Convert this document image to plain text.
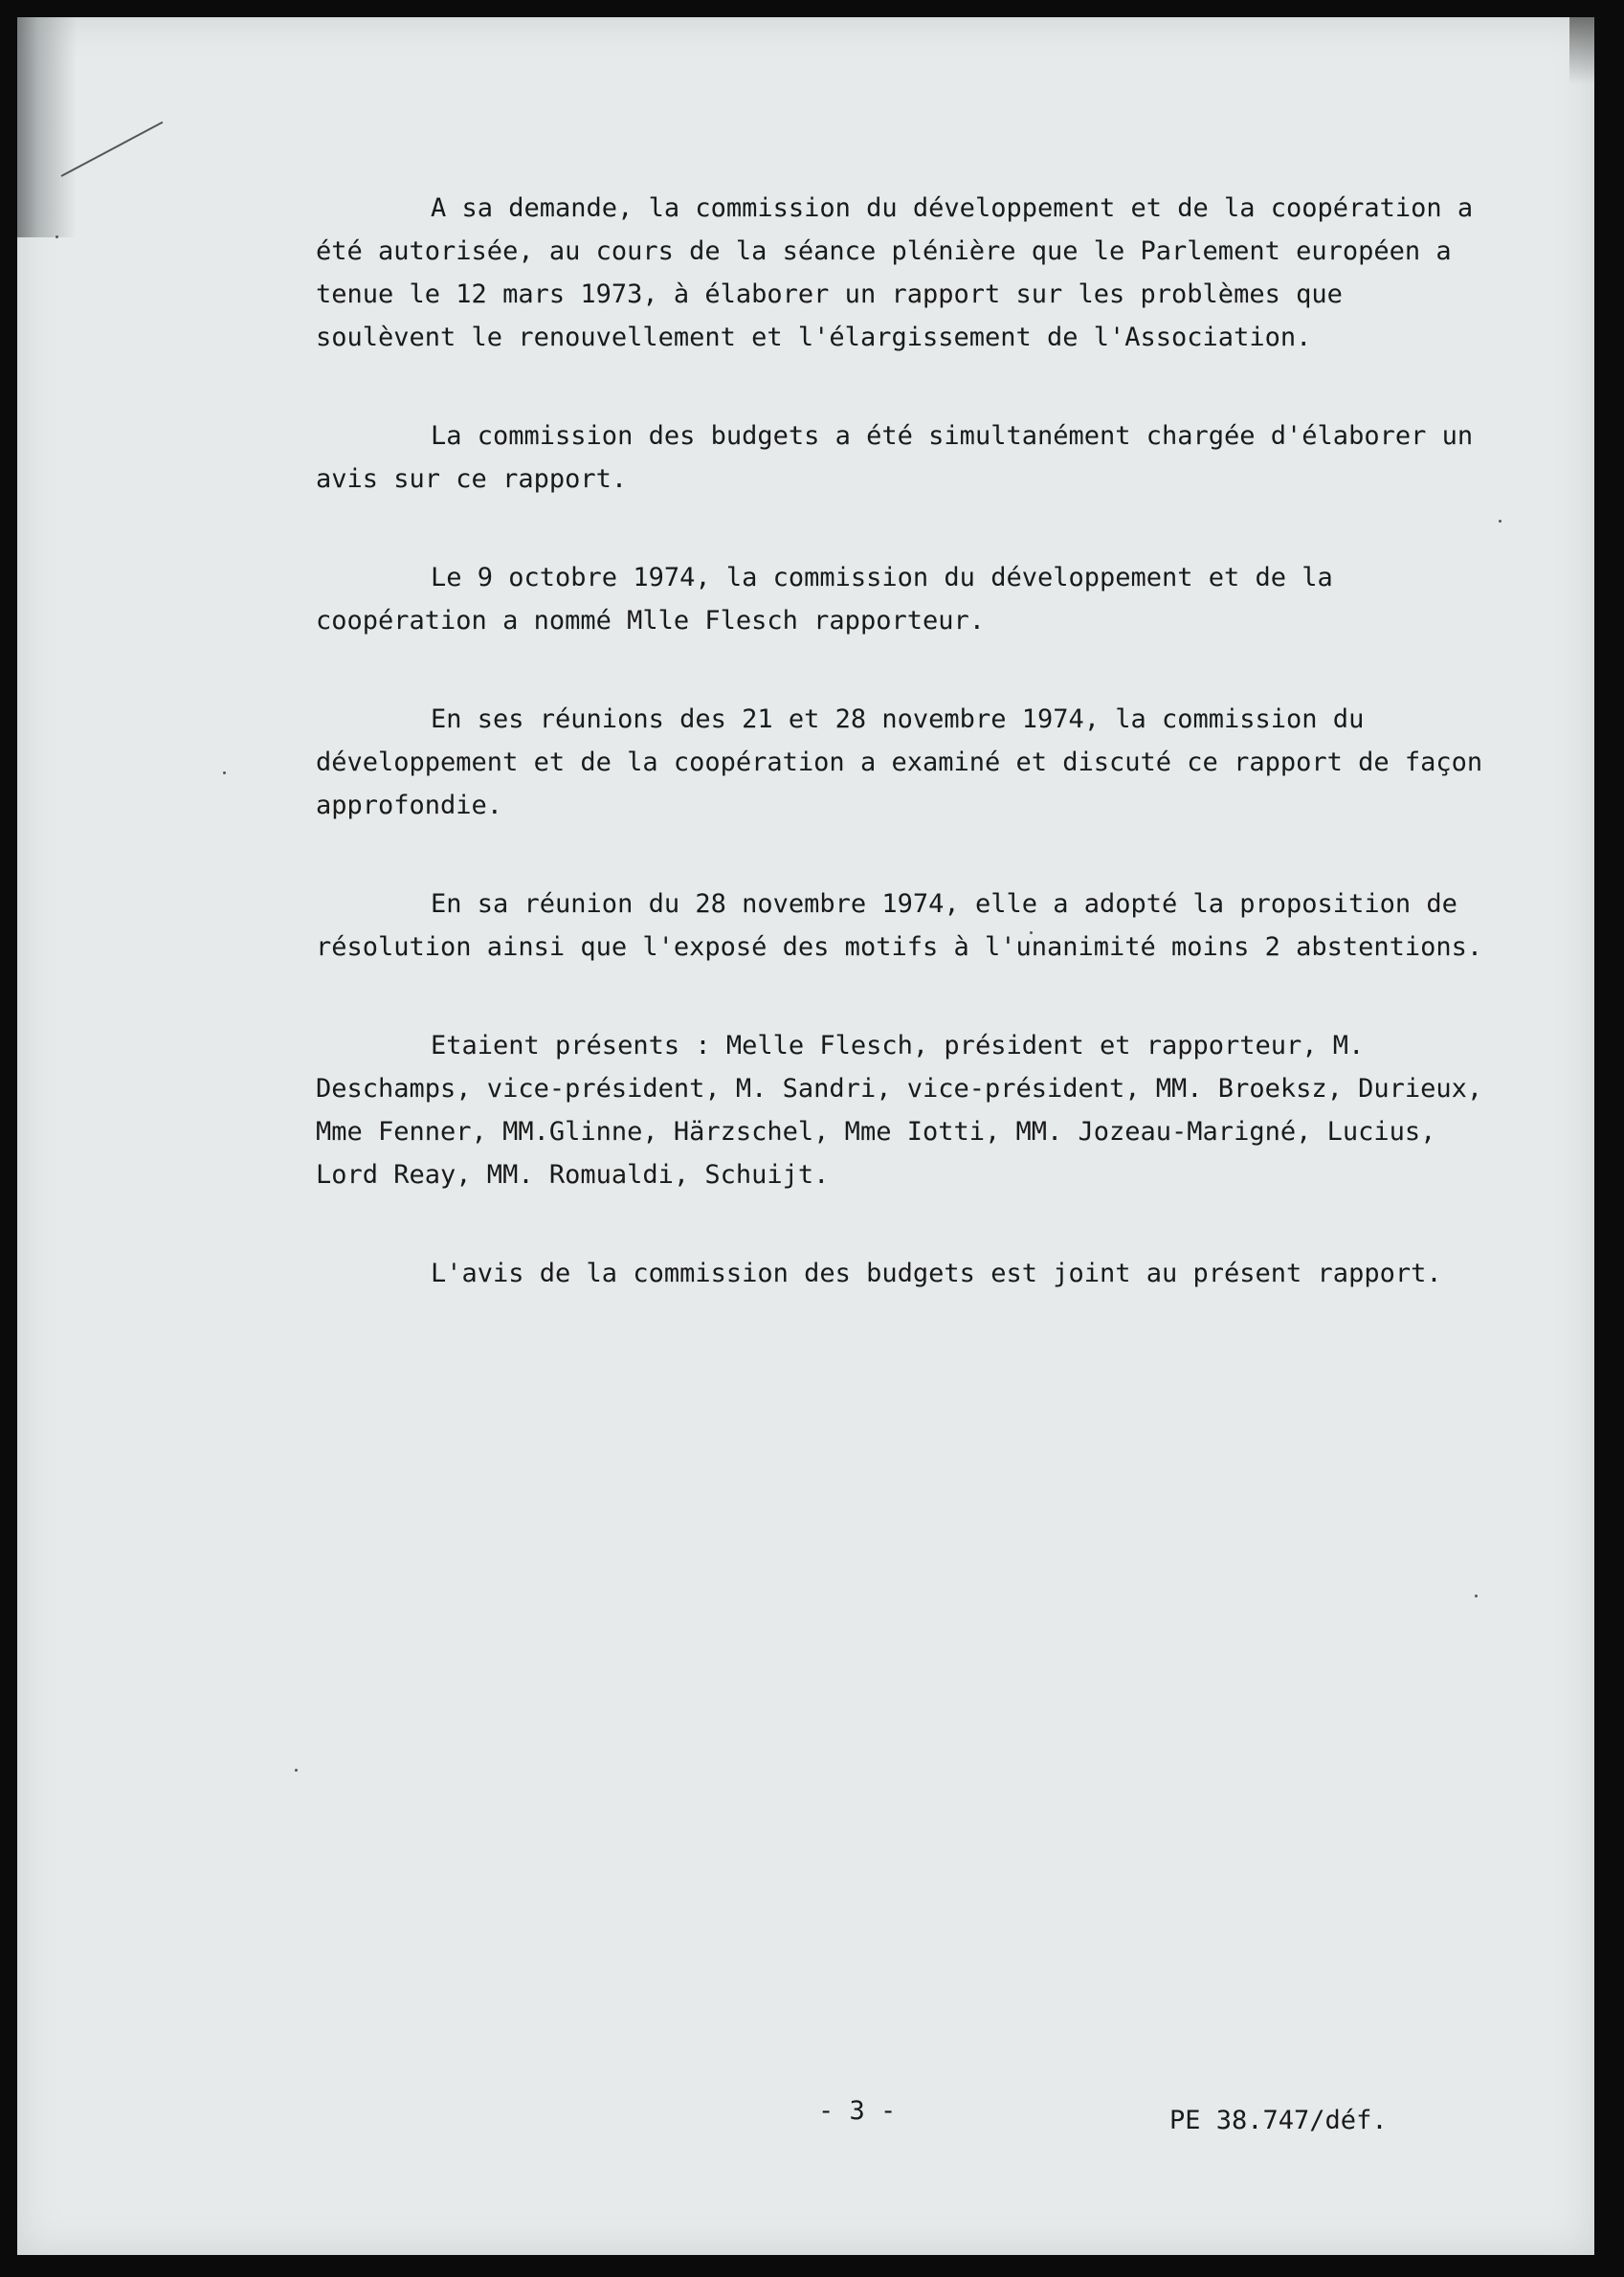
A sa demande, la commission du développement et de la coopération a été autorisée, au cours de la séance plénière que le Parlement européen a tenue le 12 mars 1973, à élaborer un rapport sur les problèmes que soulèvent le renouvellement et l'élargissement de l'Association.

La commission des budgets a été simultanément chargée d'élaborer un avis sur ce rapport.

Le 9 octobre 1974, la commission du développement et de la coopération a nommé Mlle Flesch rapporteur.

En ses réunions des 21 et 28 novembre 1974, la commission du développement et de la coopération a examiné et discuté ce rapport de façon approfondie.

En sa réunion du 28 novembre 1974, elle a adopté la proposition de résolution ainsi que l'exposé des motifs à l'unanimité moins 2 abstentions.

Etaient présents : Melle Flesch, président et rapporteur, M. Deschamps, vice-président, M. Sandri, vice-président, MM. Broeksz, Durieux, Mme Fenner, MM.Glinne, Härzschel, Mme Iotti, MM. Jozeau-Marigné, Lucius, Lord Reay, MM. Romualdi, Schuijt.

L'avis de la commission des budgets est joint au présent rapport.

- 3 -	PE 38.747/déf.
